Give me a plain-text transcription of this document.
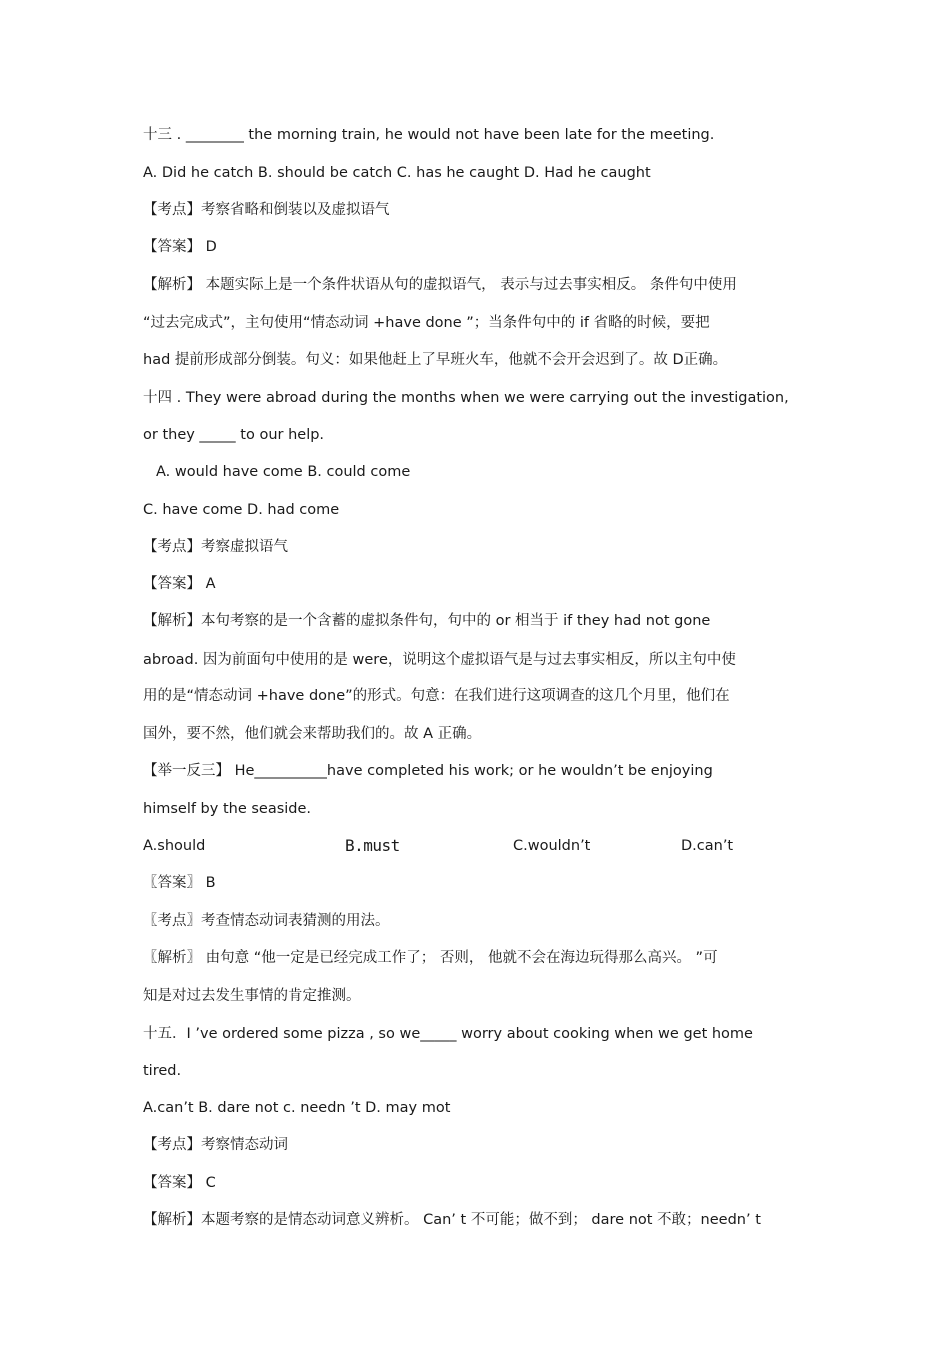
十三 . ________ the morning train, he would not have been late for the meeting.
A. Did he catch B. should be catch C. has he caught D. Had he caught
【考点】考察省略和倒装以及虚拟语气
【答案】 D
【解析】 本题实际上是一个条件状语从句的虚拟语气， 表示与过去事实相反。 条件句中使用
“过去完成式”，主句使用“情态动词 +have done ”；当条件句中的 if 省略的时候，要把
had 提前形成部分倒装。句义：如果他赶上了早班火车，他就不会开会迟到了。故 D正确。
十四 . They were abroad during the months when we were carrying out the investigation,
or they _____ to our help.
A. would have come B. could come
C. have come D. had come
【考点】考察虚拟语气
【答案】 A
【解析】本句考察的是一个含蓄的虚拟条件句，句中的 or 相当于 if they had not gone
abroad. 因为前面句中使用的是 were，说明这个虚拟语气是与过去事实相反，所以主句中使
用的是“情态动词 +have done”的形式。句意：在我们进行这项调查的这几个月里，他们在
国外，要不然，他们就会来帮助我们的。故 A 正确。
【举一反三】 He__________have completed his work; or he wouldn’t be enjoying
himself by the seaside.
A.should	B.must	C.wouldn’t	D.can’t
〖答案〗 B
〖考点〗考查情态动词表猜测的用法。
〖解析〗 由句意 “他一定是已经完成工作了； 否则， 他就不会在海边玩得那么高兴。 ”可
知是对过去发生事情的肯定推测。
十五．I ’ve ordered some pizza , so we_____ worry about cooking when we get home
tired.
A.can’t B. dare not c. needn ’t D. may mot
【考点】考察情态动词
【答案】 C
【解析】本题考察的是情态动词意义辨析。 Can’ t 不可能；做不到； dare not 不敢；needn’ t
